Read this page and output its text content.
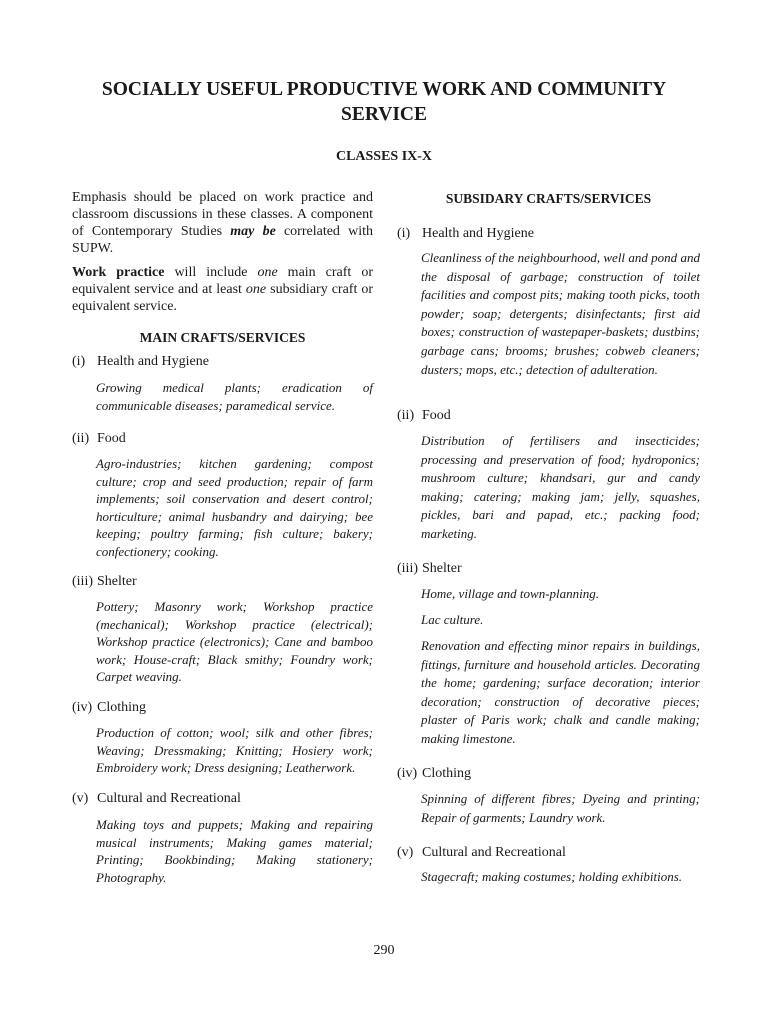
SOCIALLY USEFUL PRODUCTIVE WORK AND COMMUNITY SERVICE
CLASSES IX-X

Emphasis should be placed on work practice and classroom discussions in these classes. A component of Contemporary Studies may be correlated with SUPW.

Work practice will include one main craft or equivalent service and at least one subsidiary craft or equivalent service.

MAIN CRAFTS/SERVICES

(i) Health and Hygiene

Growing medical plants; eradication of communicable diseases; paramedical service.

(ii) Food

Agro-industries; kitchen gardening; compost culture; crop and seed production; repair of farm implements; soil conservation and desert control; horticulture; animal husbandry and dairying; bee keeping; poultry farming; fish culture; bakery; confectionery; cooking.

(iii) Shelter

Pottery; Masonry work; Workshop practice (mechanical); Workshop practice (electrical); Workshop practice (electronics); Cane and bamboo work; House-craft; Black smithy; Foundry work; Carpet weaving.

(iv) Clothing

Production of cotton; wool; silk and other fibres; Weaving; Dressmaking; Knitting; Hosiery work; Embroidery work; Dress designing; Leatherwork.

(v) Cultural and Recreational

Making toys and puppets; Making and repairing musical instruments; Making games material; Printing; Bookbinding; Making stationery; Photography.

SUBSIDARY CRAFTS/SERVICES

(i) Health and Hygiene

Cleanliness of the neighbourhood, well and pond and the disposal of garbage; construction of toilet facilities and compost pits; making tooth picks, tooth powder; soap; detergents; disinfectants; first aid boxes; construction of wastepaper-baskets; dustbins; garbage cans; brooms; brushes; cobweb cleaners; dusters; mops, etc.; detection of adulteration.

(ii) Food

Distribution of fertilisers and insecticides; processing and preservation of food; hydroponics; mushroom culture; khandsari, gur and candy making; catering; making jam; jelly, squashes, pickles, bari and papad, etc.; packing food; marketing.

(iii) Shelter

Home, village and town-planning.

Lac culture.

Renovation and effecting minor repairs in buildings, fittings, furniture and household articles. Decorating the home; gardening; surface decoration; interior decoration; construction of decorative pieces; plaster of Paris work; chalk and candle making; making limestone.

(iv) Clothing

Spinning of different fibres; Dyeing and printing; Repair of garments; Laundry work.

(v) Cultural and Recreational

Stagecraft; making costumes; holding exhibitions.

290
